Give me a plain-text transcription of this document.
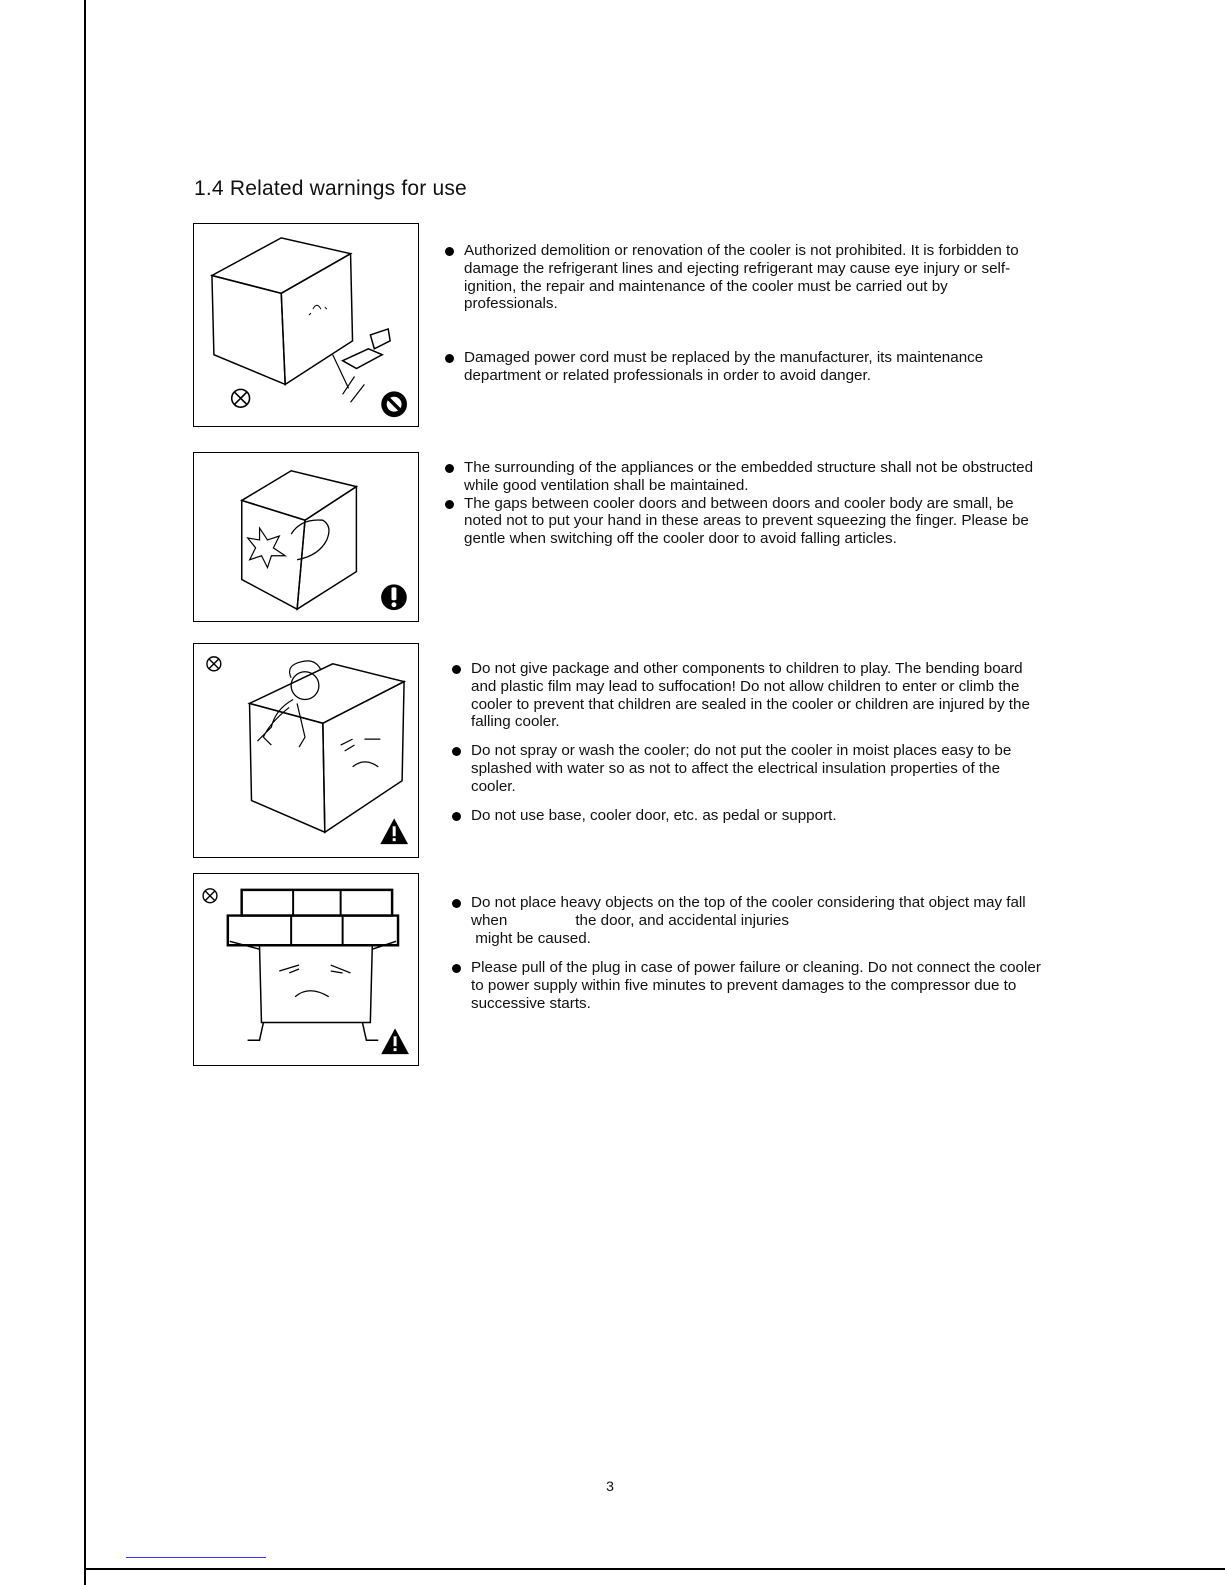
1.4 Related warnings for use
Authorized demolition or renovation of the cooler is not prohibited. It is forbidden to damage the refrigerant lines and ejecting refrigerant may cause eye injury or self-ignition, the repair and maintenance of the cooler must be carried out by professionals.
Damaged power cord must be replaced by the manufacturer, its maintenance department or related professionals in order to avoid danger.
The surrounding of the appliances or the embedded structure shall not be obstructed while good ventilation shall be maintained.
The gaps between cooler doors and between doors and cooler body are small, be noted not to put your hand in these areas to prevent squeezing the finger. Please be gentle when switching off the cooler door to avoid falling articles.
Do not give package and other components to children to play. The bending board and plastic film may lead to suffocation! Do not allow children to enter or climb the cooler to prevent that children are sealed in the cooler or children are injured by the falling cooler.
Do not spray or wash the cooler; do not put the cooler in moist places easy to be splashed with water so as not to affect the electrical insulation properties of the cooler.
Do not use base, cooler door, etc. as pedal or support.
Do not place heavy objects on the top of the cooler considering that object may fall when	the door, and accidental injuries
might be caused.
Please pull of the plug in case of power failure or cleaning. Do not connect the cooler to power supply within five minutes to prevent damages to the compressor due to successive starts.
3
